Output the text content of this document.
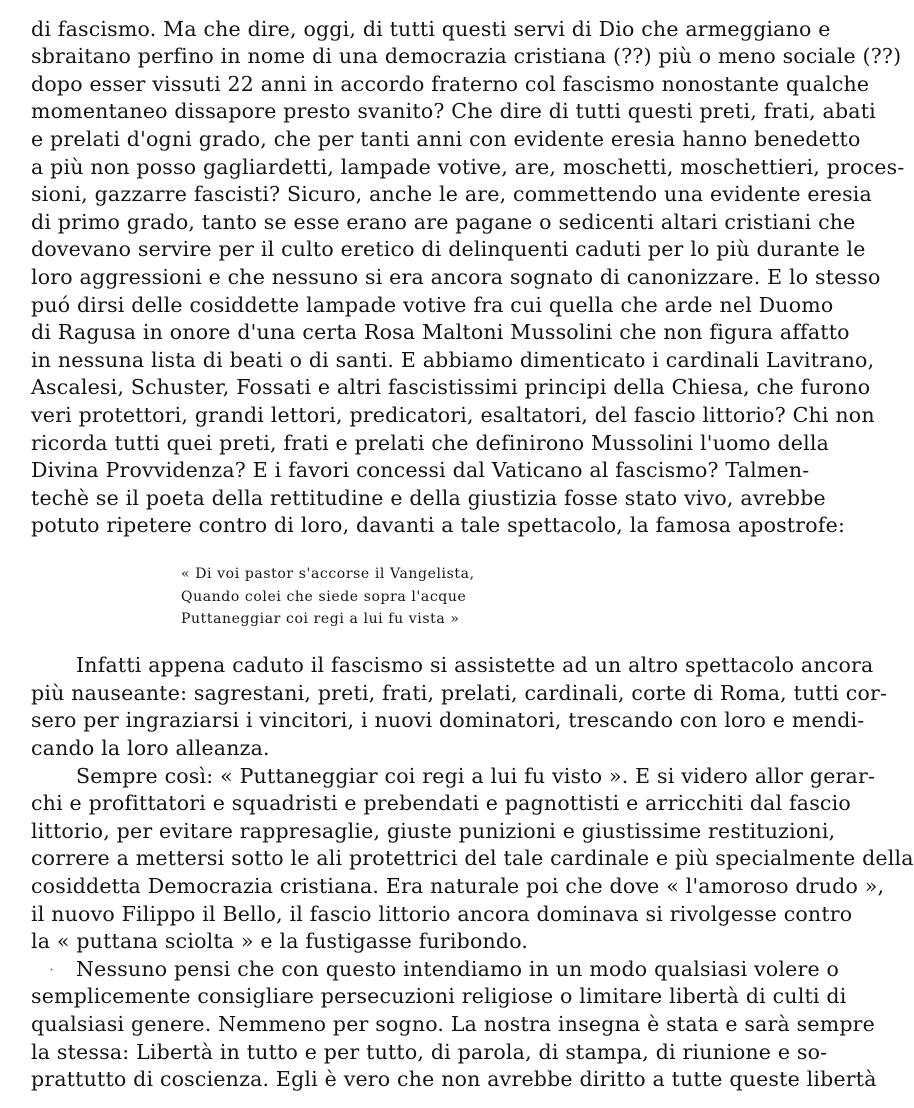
di fascismo. Ma che dire, oggi, di tutti questi servi di Dio che armeggiano e
sbraitano perfino in nome di una democrazia cristiana (??) più o meno sociale (??)
dopo esser vissuti 22 anni in accordo fraterno col fascismo nonostante qualche
momentaneo dissapore presto svanito? Che dire di tutti questi preti, frati, abati
e prelati d'ogni grado, che per tanti anni con evidente eresia hanno benedetto
a più non posso gagliardetti, lampade votive, are, moschetti, moschettieri, proces-
sioni, gazzarre fascisti? Sicuro, anche le are, commettendo una evidente eresia
di primo grado, tanto se esse erano are pagane o sedicenti altari cristiani che
dovevano servire per il culto eretico di delinquenti caduti per lo più durante le
loro aggressioni e che nessuno si era ancora sognato di canonizzare. E lo stesso
puó dirsi delle cosiddette lampade votive fra cui quella che arde nel Duomo
di Ragusa in onore d'una certa Rosa Maltoni Mussolini che non figura affatto
in nessuna lista di beati o di santi. E abbiamo dimenticato i cardinali Lavitrano,
Ascalesi, Schuster, Fossati e altri fascistissimi principi della Chiesa, che furono
veri protettori, grandi lettori, predicatori, esaltatori, del fascio littorio? Chi non
ricorda tutti quei preti, frati e prelati che definirono Mussolini l'uomo della
Divina Provvidenza? E i favori concessi dal Vaticano al fascismo? Talmen-
techè se il poeta della rettitudine e della giustizia fosse stato vivo, avrebbe
potuto ripetere contro di loro, davanti a tale spettacolo, la famosa apostrofe:
« Di voi pastor s'accorse il Vangelista,
Quando colei che siede sopra l'acque
Puttaneggiar coi regi a lui fu vista »
Infatti appena caduto il fascismo si assistette ad un altro spettacolo ancora
più nauseante: sagrestani, preti, frati, prelati, cardinali, corte di Roma, tutti cor-
sero per ingraziarsi i vincitori, i nuovi dominatori, trescando con loro e mendi-
cando la loro alleanza.
Sempre così: « Puttaneggiar coi regi a lui fu visto ». E si videro allor gerar-
chi e profittatori e squadristi e prebendati e pagnottisti e arricchiti dal fascio
littorio, per evitare rappresaglie, giuste punizioni e giustissime restituzioni,
correre a mettersi sotto le ali protettrici del tale cardinale e più specialmente della
cosiddetta Democrazia cristiana. Era naturale poi che dove « l'amoroso drudo »,
il nuovo Filippo il Bello, il fascio littorio ancora dominava si rivolgesse contro
la « puttana sciolta » e la fustigasse furibondo.
· Nessuno pensi che con questo intendiamo in un modo qualsiasi volere o
semplicemente consigliare persecuzioni religiose o limitare libertà di culti di
qualsiasi genere. Nemmeno per sogno. La nostra insegna è stata e sarà sempre
la stessa: Libertà in tutto e per tutto, di parola, di stampa, di riunione e so-
prattutto di coscienza. Egli è vero che non avrebbe diritto a tutte queste libertà
